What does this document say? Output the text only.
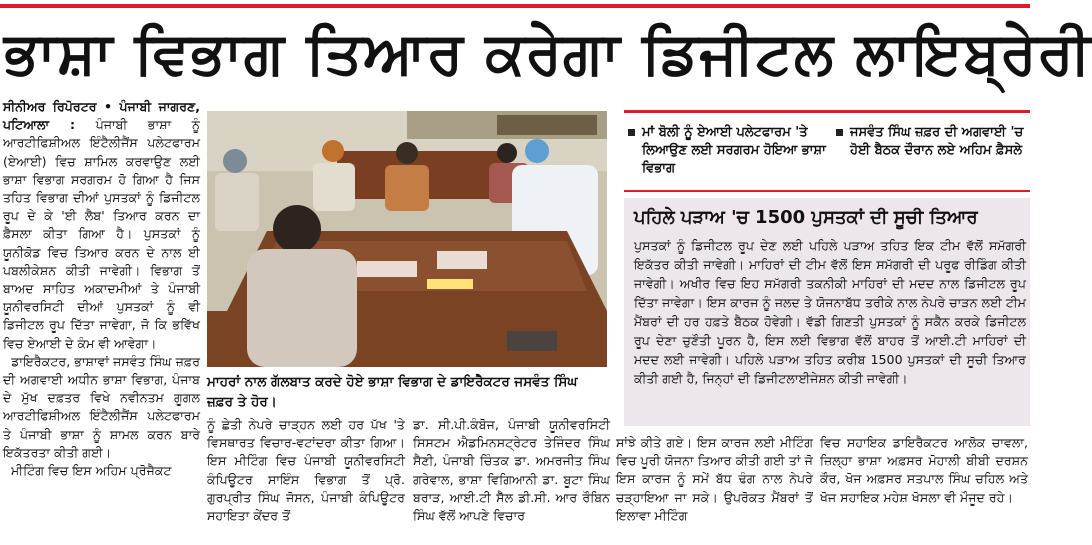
ਭਾਸ਼ਾ ਵਿਭਾਗ ਤਿਆਰ ਕਰੇਗਾ ਡਿਜੀਟਲ ਲਾਇਬ੍ਰੇਰੀ
ਸੀਨੀਅਰ ਰਿਪੋਰਟਰ • ਪੰਜਾਬੀ ਜਾਗਰਣ, ਪਟਿਆਲਾ : ਪੰਜਾਬੀ ਭਾਸ਼ਾ ਨੂੰ ਆਰਟੀਫਿਸ਼ੀਅਲ ਇੰਟੈਲੀਜੈਂਸ ਪਲੇਟਫਾਰਮ (ਏਆਈ) ਵਿਚ ਸ਼ਾਮਿਲ ਕਰਵਾਉਣ ਲਈ ਭਾਸ਼ਾ ਵਿਭਾਗ ਸਰਗਰਮ ਹੋ ਗਿਆ ਹੈ ਜਿਸ ਤਹਿਤ ਵਿਭਾਗ ਦੀਆਂ ਪੁਸਤਕਾਂ ਨੂੰ ਡਿਜੀਟਲ ਰੂਪ ਦੇ ਕੇ 'ਈ ਲੈਬ' ਤਿਆਰ ਕਰਨ ਦਾ ਫ਼ੈਸਲਾ ਕੀਤਾ ਗਿਆ ਹੈ। ਪੁਸਤਕਾਂ ਨੂੰ ਯੂਨੀਕੋਡ ਵਿਚ ਤਿਆਰ ਕਰਨ ਦੇ ਨਾਲ ਈ ਪਬਲੀਕੇਸ਼ਨ ਕੀਤੀ ਜਾਵੇਗੀ। ਵਿਭਾਗ ਤੋਂ ਬਾਅਦ ਸਾਹਿਤ ਅਕਾਦਮੀਆਂ ਤੇ ਪੰਜਾਬੀ ਯੂਨੀਵਰਸਿਟੀ ਦੀਆਂ ਪੁਸਤਕਾਂ ਨੂੰ ਵੀ ਡਿਜੀਟਲ ਰੂਪ ਦਿੱਤਾ ਜਾਵੇਗਾ, ਜੋ ਕਿ ਭਵਿੱਖ ਵਿਚ ਏਆਈ ਦੇ ਕੰਮ ਵੀ ਆਵੇਗਾ।
ਡਾਇਰੈਕਟਰ, ਭਾਸ਼ਾਵਾਂ ਜਸਵੰਤ ਸਿੰਘ ਜ਼ਫ਼ਰ ਦੀ ਅਗਵਾਈ ਅਧੀਨ ਭਾਸ਼ਾ ਵਿਭਾਗ, ਪੰਜਾਬ ਦੇ ਮੁੱਖ ਦਫ਼ਤਰ ਵਿਖੇ ਨਵੀਨਤਮ ਗੂਗਲ ਆਰਟੀਫਿਸ਼ੀਅਲ ਇੰਟੈਲੀਜੈਂਸ ਪਲੇਟਫਾਰਮ ਤੇ ਪੰਜਾਬੀ ਭਾਸ਼ਾ ਨੂੰ ਸ਼ਾਮਲ ਕਰਨ ਬਾਰੇ ਇਕੱਤਰਤਾ ਕੀਤੀ ਗਈ।
ਮੀਟਿੰਗ ਵਿਚ ਇਸ ਅਹਿਮ ਪ੍ਰੋਜੈਕਟ
ਮਾਹਰਾਂ ਨਾਲ ਗੱਲਬਾਤ ਕਰਦੇ ਹੋਏ ਭਾਸ਼ਾ ਵਿਭਾਗ ਦੇ ਡਾਇਰੈਕਟਰ ਜਸਵੰਤ ਸਿੰਘ ਜ਼ਫ਼ਰ ਤੇ ਹੋਰ।
ਨੂੰ ਛੇਤੀ ਨੇਪਰੇ ਚਾੜ੍ਹਨ ਲਈ ਹਰ ਪੱਖ 'ਤੇ ਵਿਸਥਾਰਤ ਵਿਚਾਰ-ਵਟਾਂਦਰਾ ਕੀਤਾ ਗਿਆ। ਇਸ ਮੀਟਿੰਗ ਵਿਚ ਪੰਜਾਬੀ ਯੂਨੀਵਰਸਿਟੀ ਕੰਪਿਊਟਰ ਸਾਇੰਸ ਵਿਭਾਗ ਤੋਂ ਪ੍ਰੋ. ਗੁਰਪ੍ਰੀਤ ਸਿੰਘ ਜੋਸਨ, ਪੰਜਾਬੀ ਕੰਪਿਊਟਰ ਸਹਾਇਤਾ ਕੇਂਦਰ ਤੋਂ
ਡਾ. ਸੀ.ਪੀ.ਕੰਬੋਜ, ਪੰਜਾਬੀ ਯੂਨੀਵਰਸਿਟੀ ਸਿਸਟਮ ਐਡਮਿਨਸਟ੍ਰੇਟਰ ਤੇਜਿੰਦਰ ਸਿੰਘ ਸੈਣੀ, ਪੰਜਾਬੀ ਚਿੰਤਕ ਡਾ. ਅਮਰਜੀਤ ਸਿੰਘ ਗਰੇਵਾਲ, ਭਾਸ਼ਾ ਵਿਗਿਆਨੀ ਡਾ. ਬੂਟਾ ਸਿੰਘ ਬਰਾੜ, ਆਈ.ਟੀ ਸੈੱਲ ਡੀ.ਸੀ. ਆਰ ਰੌਬਿਨ ਸਿੰਘ ਵੱਲੋਂ ਆਪਣੇ ਵਿਚਾਰ
ਮਾਂ ਬੋਲੀ ਨੂੰ ਏਆਈ ਪਲੇਟਫਾਰਮ 'ਤੇ ਲਿਆਉਣ ਲਈ ਸਰਗਰਮ ਹੋਇਆ ਭਾਸ਼ਾ ਵਿਭਾਗ
ਜਸਵੰਤ ਸਿੰਘ ਜ਼ਫ਼ਰ ਦੀ ਅਗਵਾਈ 'ਚ ਹੋਈ ਬੈਠਕ ਦੌਰਾਨ ਲਏ ਅਹਿਮ ਫ਼ੈਸਲੇ
ਪਹਿਲੇ ਪੜਾਅ 'ਚ 1500 ਪੁਸਤਕਾਂ ਦੀ ਸੂਚੀ ਤਿਆਰ
ਪੁਸਤਕਾਂ ਨੂੰ ਡਿਜੀਟਲ ਰੂਪ ਦੇਣ ਲਈ ਪਹਿਲੇ ਪੜਾਅ ਤਹਿਤ ਇਕ ਟੀਮ ਵੱਲੋਂ ਸਮੱਗਰੀ ਇਕੱਤਰ ਕੀਤੀ ਜਾਵੇਗੀ। ਮਾਹਿਰਾਂ ਦੀ ਟੀਮ ਵੱਲੋਂ ਇਸ ਸਮੱਗਰੀ ਦੀ ਪਰੂਫ ਰੀਡਿੰਗ ਕੀਤੀ ਜਾਵੇਗੀ। ਅਖੀਰ ਵਿਚ ਇਹ ਸਮੱਗਰੀ ਤਕਨੀਕੀ ਮਾਹਿਰਾਂ ਦੀ ਮਦਦ ਨਾਲ ਡਿਜੀਟਲ ਰੂਪ ਦਿੱਤਾ ਜਾਵੇਗਾ। ਇਸ ਕਾਰਜ ਨੂੰ ਜਲਦ ਤੇ ਯੋਜਨਾਬੱਧ ਤਰੀਕੇ ਨਾਲ ਨੇਪਰੇ ਚਾੜਨ ਲਈ ਟੀਮ ਮੈਂਬਰਾਂ ਦੀ ਹਰ ਹਫ਼ਤੇ ਬੈਠਕ ਹੋਵੇਗੀ। ਵੱਡੀ ਗਿਣਤੀ ਪੁਸਤਕਾਂ ਨੂੰ ਸਕੈਨ ਕਰਕੇ ਡਿਜੀਟਲ ਰੂਪ ਦੇਣਾ ਚੁਣੌਤੀ ਪੂਰਨ ਹੈ, ਇਸ ਲਈ ਵਿਭਾਗ ਵੱਲੋਂ ਬਾਹਰ ਤੋਂ ਆਈ.ਟੀ ਮਾਹਿਰਾਂ ਦੀ ਮਦਦ ਲਈ ਜਾਵੇਗੀ। ਪਹਿਲੇ ਪੜਾਅ ਤਹਿਤ ਕਰੀਬ 1500 ਪੁਸਤਕਾਂ ਦੀ ਸੂਚੀ ਤਿਆਰ ਕੀਤੀ ਗਈ ਹੈ, ਜਿਨ੍ਹਾਂ ਦੀ ਡਿਜੀਟਲਾਈਜੇਸ਼ਨ ਕੀਤੀ ਜਾਵੇਗੀ।
ਸਾਂਝੇ ਕੀਤੇ ਗਏ। ਇਸ ਕਾਰਜ ਲਈ ਮੀਟਿੰਗ ਵਿਚ ਪੂਰੀ ਯੋਜਨਾ ਤਿਆਰ ਕੀਤੀ ਗਈ ਤਾਂ ਜੋ ਇਸ ਕਾਰਜ ਨੂੰ ਸਮੇਂ ਬੱਧ ਢੰਗ ਨਾਲ ਨੇਪਰੇ ਚੜ੍ਹਾਇਆ ਜਾ ਸਕੇ। ਉਪਰੋਕਤ ਮੈਂਬਰਾਂ ਤੋਂ ਇਲਾਵਾ ਮੀਟਿੰਗ
ਵਿਚ ਸਹਾਇਕ ਡਾਇਰੈਕਟਰ ਆਲੋਕ ਚਾਵਲਾ, ਜ਼ਿਲ੍ਹਾ ਭਾਸ਼ਾ ਅਫ਼ਸਰ ਮੋਹਾਲੀ ਬੀਬੀ ਦਰਸ਼ਨ ਕੌਰ, ਖੋਜ ਅਫ਼ਸਰ ਸਤਪਾਲ ਸਿੰਘ ਚਹਿਲ ਅਤੇ ਖੋਜ ਸਹਾਇਕ ਮਹੇਸ਼ ਖੋਸਲਾ ਵੀ ਮੌਜੂਦ ਰਹੇ।
